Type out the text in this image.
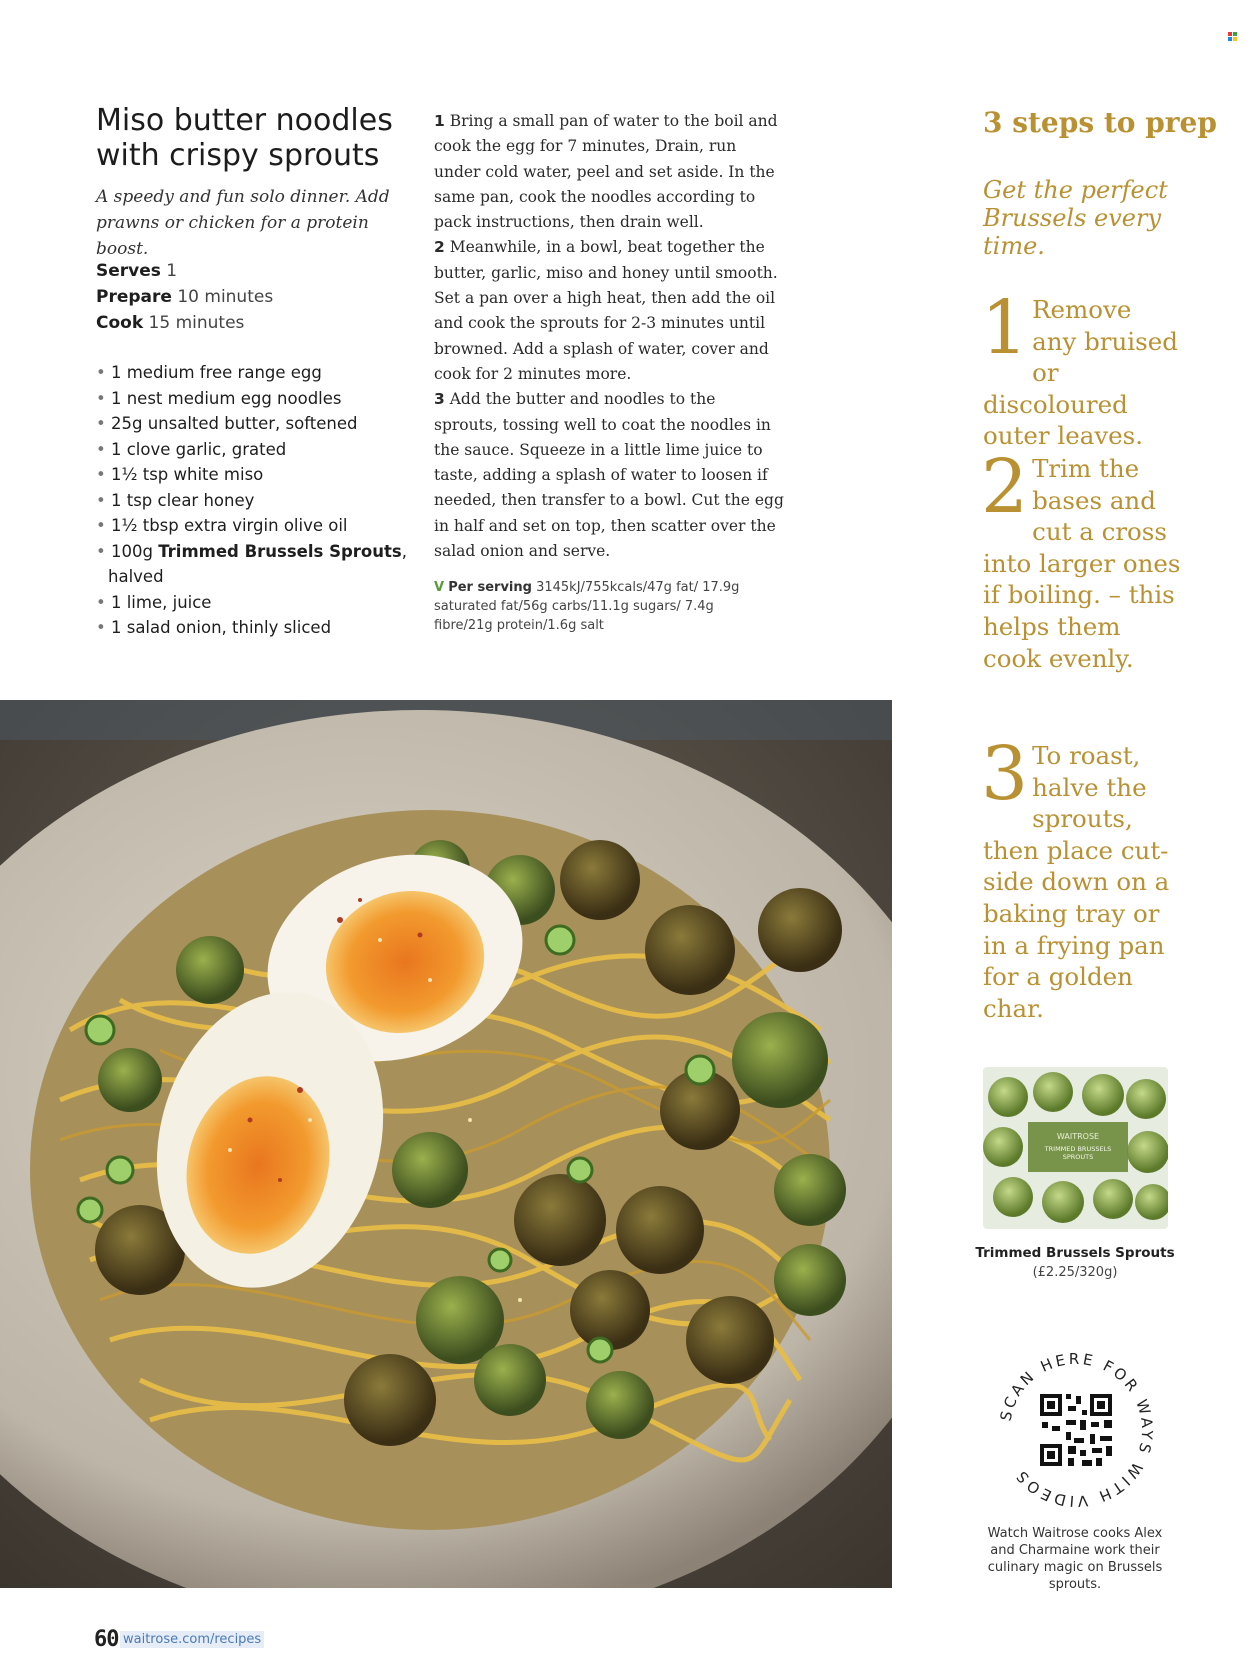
Miso butter noodles with crispy sprouts
A speedy and fun solo dinner. Add prawns or chicken for a protein boost.
Serves 1
Prepare 10 minutes
Cook 15 minutes
• 1 medium free range egg
• 1 nest medium egg noodles
• 25g unsalted butter, softened
• 1 clove garlic, grated
• 1½ tsp white miso
• 1 tsp clear honey
• 1½ tbsp extra virgin olive oil
• 100g Trimmed Brussels Sprouts, halved
• 1 lime, juice
• 1 salad onion, thinly sliced
1 Bring a small pan of water to the boil and cook the egg for 7 minutes, Drain, run under cold water, peel and set aside. In the same pan, cook the noodles according to pack instructions, then drain well.
2 Meanwhile, in a bowl, beat together the butter, garlic, miso and honey until smooth. Set a pan over a high heat, then add the oil and cook the sprouts for 2-3 minutes until browned. Add a splash of water, cover and cook for 2 minutes more.
3 Add the butter and noodles to the sprouts, tossing well to coat the noodles in the sauce. Squeeze in a little lime juice to taste, adding a splash of water to loosen if needed, then transfer to a bowl. Cut the egg in half and set on top, then scatter over the salad onion and serve.
V Per serving 3145kJ/755kcals/47g fat/ 17.9g saturated fat/56g carbs/11.1g sugars/ 7.4g fibre/21g protein/1.6g salt
3 steps to prep
Get the perfect Brussels every time.
1 Remove any bruised or discoloured outer leaves.
2 Trim the bases and cut a cross into larger ones if boiling. – this helps them cook evenly.
3 To roast, halve the sprouts, then place cut-side down on a baking tray or in a frying pan for a golden char.
WAITROSE
TRIMMED BRUSSELS SPROUTS
Trimmed Brussels Sprouts
(£2.25/320g)
SCAN HERE FOR WAYS WITH VIDEOS
Watch Waitrose cooks Alex and Charmaine work their culinary magic on Brussels sprouts.
60 waitrose.com/recipes
